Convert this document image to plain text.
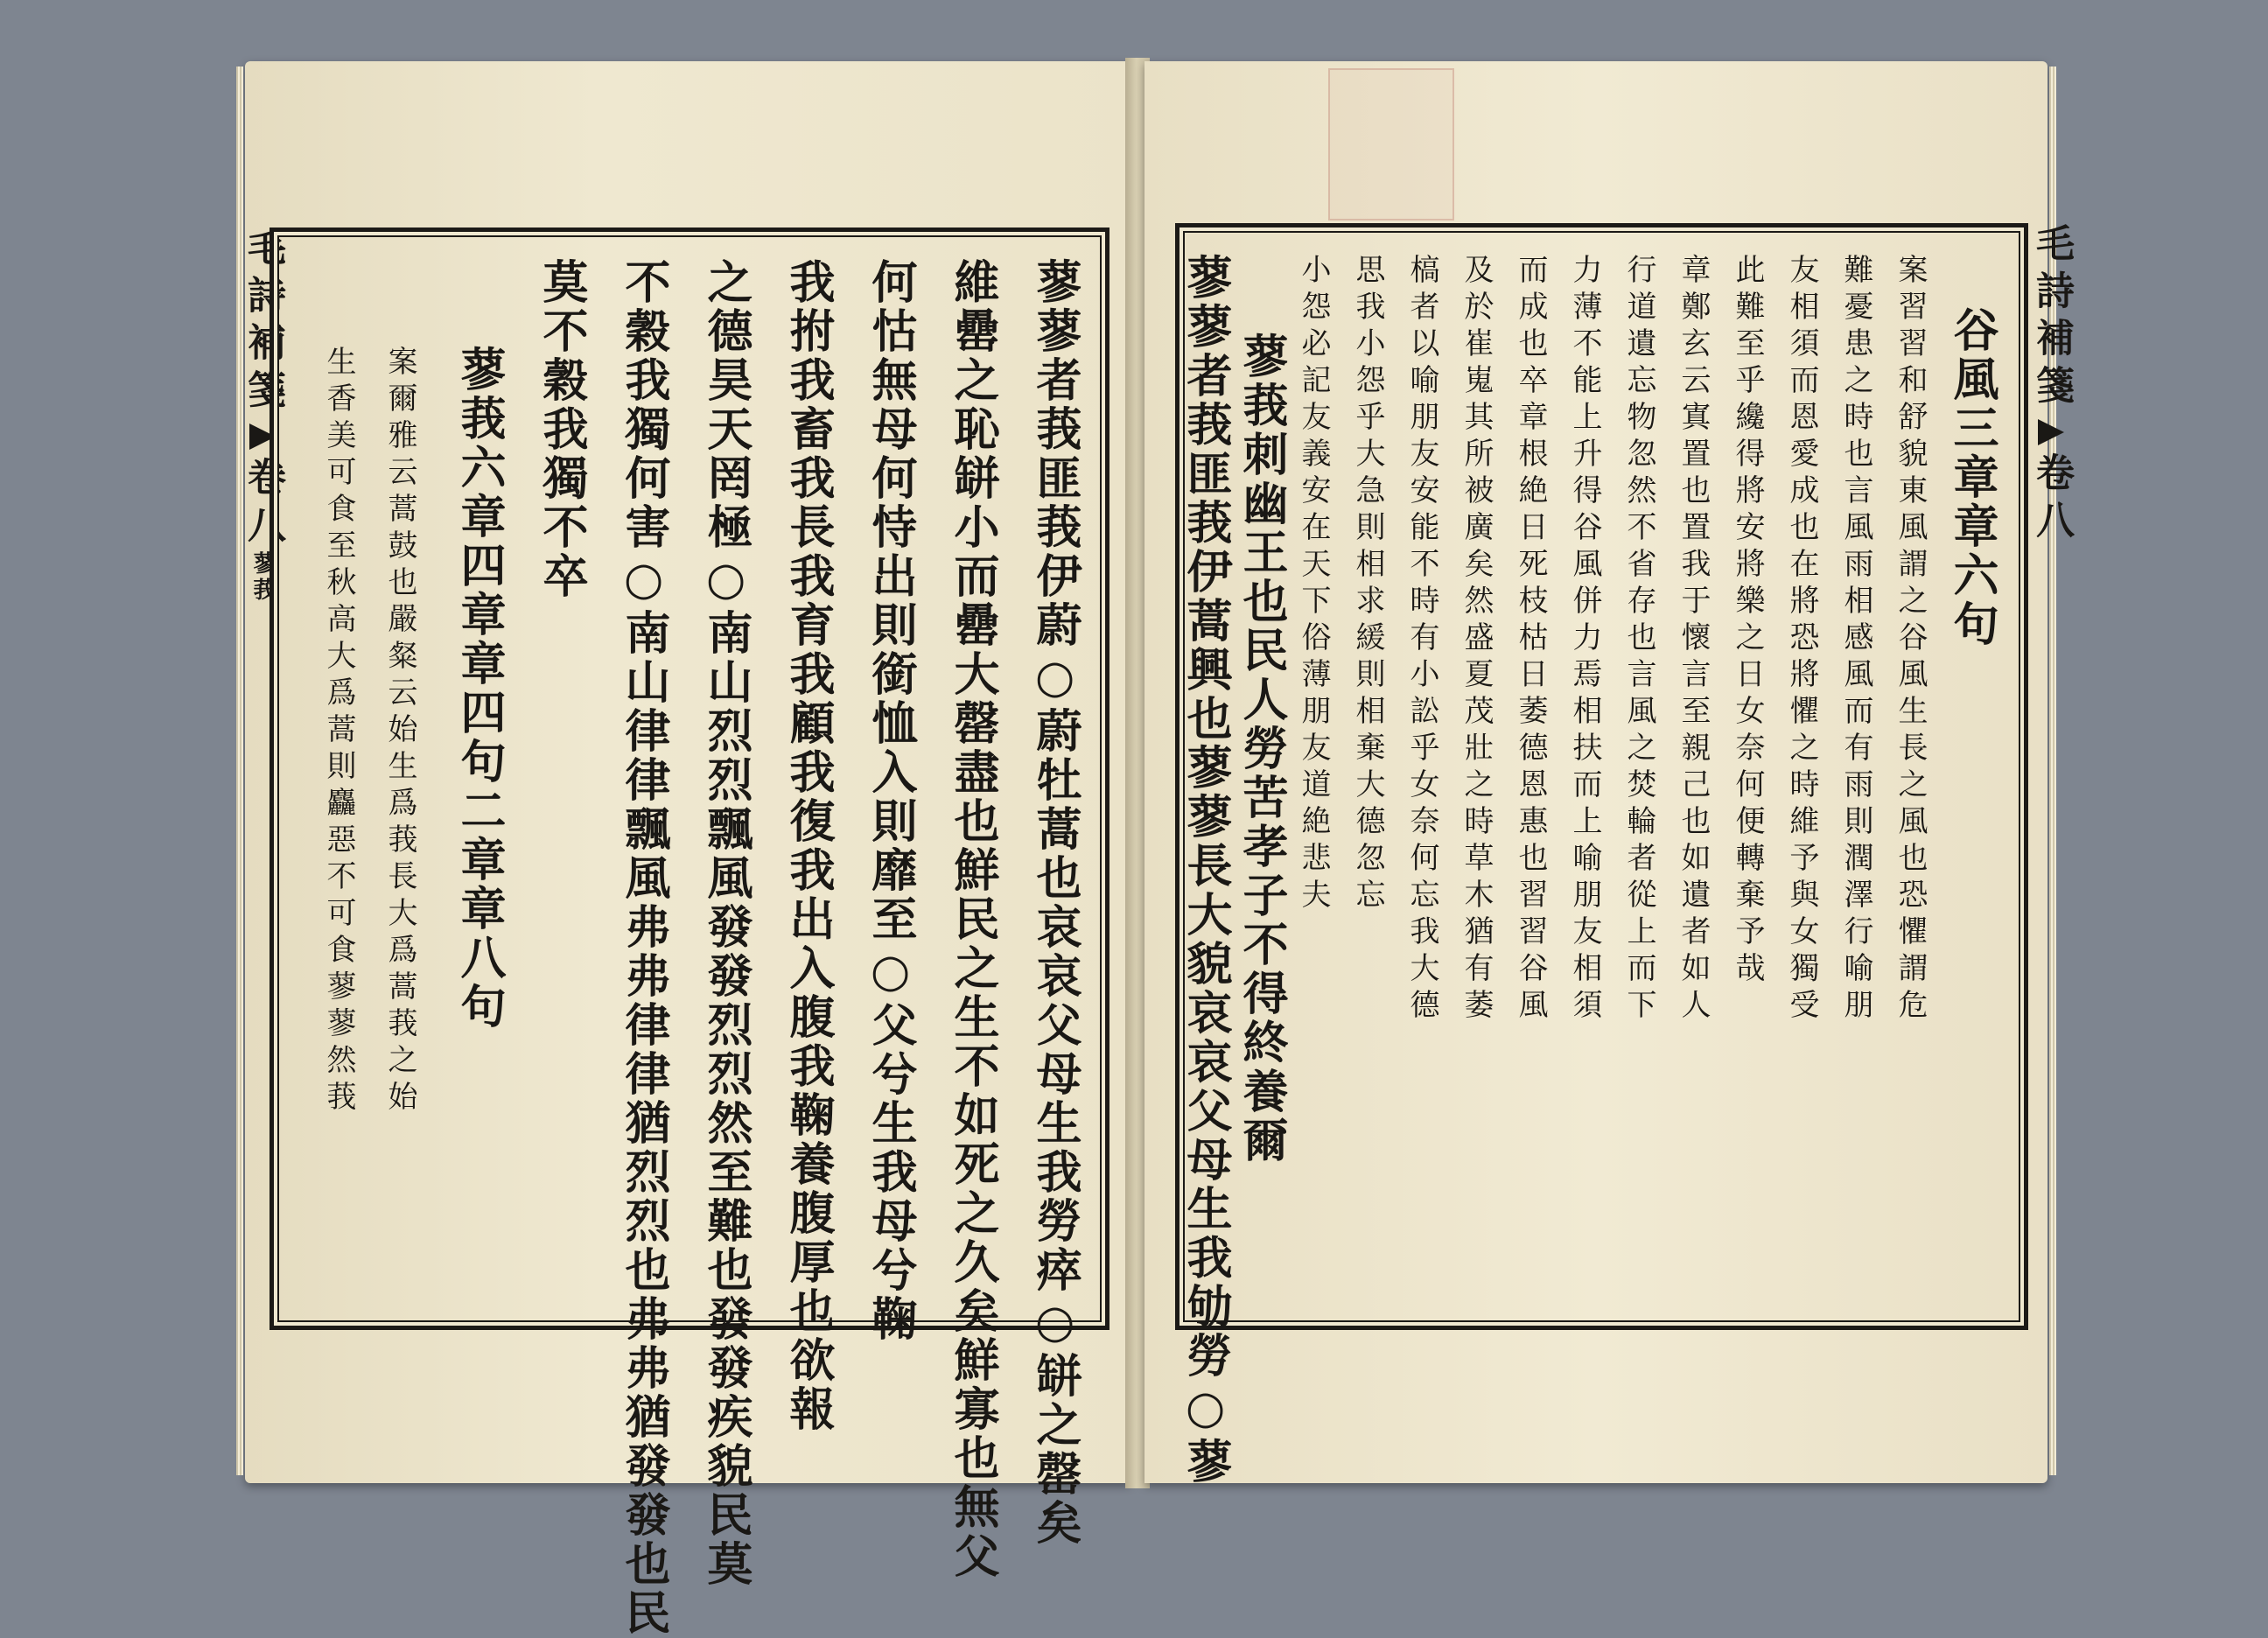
毛詩補箋卷八蓼莪	蓼蓼者莪匪莪伊蔚○蔚牡蒿也哀哀父母生我勞瘁○缾之罄矣
維罍之恥缾小而罍大罄盡也鮮民之生不如死之久矣鮮寡也無父
何怙無母何恃出則銜恤入則靡至○父兮生我母兮鞠
我拊我畜我長我育我顧我復我出入腹我鞠養腹厚也欲報
之德昊天罔極○南山烈烈飄風發發烈烈然至難也發發疾貌民莫
不穀我獨何害○南山律律飄風弗弗律律猶烈烈也弗弗猶發發也民
莫不穀我獨不卒
蓼莪六章四章章四句二章章八句
案爾雅云蒿鼓也嚴粲云始生爲莪長大爲蒿莪之始
生香美可食至秋高大爲蒿則麤惡不可食蓼蓼然莪
毛詩補箋卷八
谷風三章章六句
案習習和舒貌東風謂之谷風生長之風也恐懼謂危
難憂患之時也言風雨相感風而有雨則潤澤行喻朋
友相須而恩愛成也在將恐將懼之時維予與女獨受
此難至乎纔得將安將樂之日女奈何便轉棄予哉
章鄭玄云寘置也置我于懷言至親己也如遺者如人
行道遺忘物忽然不省存也言風之焚輪者從上而下
力薄不能上升得谷風併力焉相扶而上喻朋友相須
而成也卒章根絶日死枝枯日萎德恩惠也習習谷風
及於崔嵬其所被廣矣然盛夏茂壯之時草木猶有萎
槁者以喻朋友安能不時有小訟乎女奈何忘我大德
思我小怨乎大急則相求緩則相棄大德忽忘
小怨必記友義安在天下俗薄朋友道絶悲夫
蓼莪刺幽王也民人勞苦孝子不得終養爾
蓼蓼者莪匪莪伊蒿興也蓼蓼長大貌哀哀父母生我劬勞○蓼
